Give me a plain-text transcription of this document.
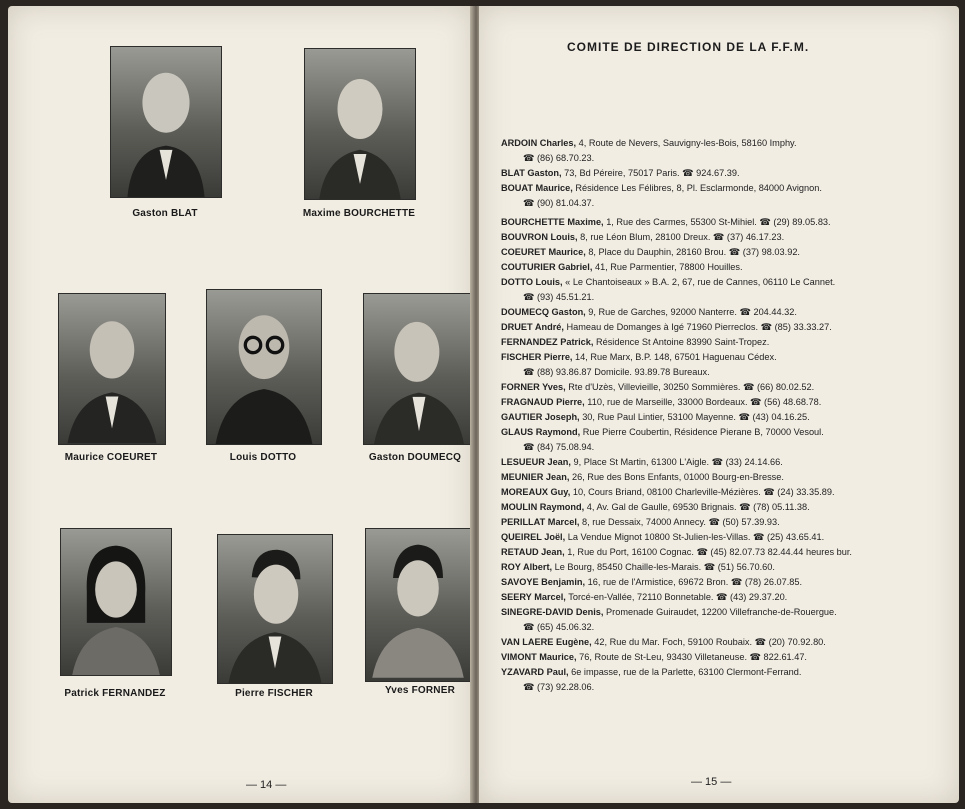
Gaston BLAT	Maxime BOURCHETTE
Maurice COEURET	Louis DOTTO	Gaston DOUMECQ
Patrick FERNANDEZ	Pierre FISCHER	Yves FORNER
— 14 —
COMITE DE DIRECTION DE LA F.F.M.
ARDOIN Charles, 4, Route de Nevers, Sauvigny-les-Bois, 58160 Imphy.
☎ (86) 68.70.23.
BLAT Gaston, 73, Bd Péreire, 75017 Paris. ☎ 924.67.39.
BOUAT Maurice, Résidence Les Félibres, 8, Pl. Esclarmonde, 84000 Avignon.
☎ (90) 81.04.37.
BOURCHETTE Maxime, 1, Rue des Carmes, 55300 St-Mihiel. ☎ (29) 89.05.83.
BOUVRON Louis, 8, rue Léon Blum, 28100 Dreux. ☎ (37) 46.17.23.
COEURET Maurice, 8, Place du Dauphin, 28160 Brou. ☎ (37) 98.03.92.
COUTURIER Gabriel, 41, Rue Parmentier, 78800 Houilles.
DOTTO Louis, « Le Chantoiseaux » B.A. 2, 67, rue de Cannes, 06110 Le Cannet.
☎ (93) 45.51.21.
DOUMECQ Gaston, 9, Rue de Garches, 92000 Nanterre. ☎ 204.44.32.
DRUET André, Hameau de Domanges à Igé 71960 Pierreclos. ☎ (85) 33.33.27.
FERNANDEZ Patrick, Résidence St Antoine 83990 Saint-Tropez.
FISCHER Pierre, 14, Rue Marx, B.P. 148, 67501 Haguenau Cédex.
☎ (88) 93.86.87 Domicile. 93.89.78 Bureaux.
FORNER Yves, Rte d'Uzès, Villevieille, 30250 Sommières. ☎ (66) 80.02.52.
FRAGNAUD Pierre, 110, rue de Marseille, 33000 Bordeaux. ☎ (56) 48.68.78.
GAUTIER Joseph, 30, Rue Paul Lintier, 53100 Mayenne. ☎ (43) 04.16.25.
GLAUS Raymond, Rue Pierre Coubertin, Résidence Pierane B, 70000 Vesoul.
☎ (84) 75.08.94.
LESUEUR Jean, 9, Place St Martin, 61300 L'Aigle. ☎ (33) 24.14.66.
MEUNIER Jean, 26, Rue des Bons Enfants, 01000 Bourg-en-Bresse.
MOREAUX Guy, 10, Cours Briand, 08100 Charleville-Mézières. ☎ (24) 33.35.89.
MOULIN Raymond, 4, Av. Gal de Gaulle, 69530 Brignais. ☎ (78) 05.11.38.
PERILLAT Marcel, 8, rue Dessaix, 74000 Annecy. ☎ (50) 57.39.93.
QUEIREL Joël, La Vendue Mignot 10800 St-Julien-les-Villas. ☎ (25) 43.65.41.
RETAUD Jean, 1, Rue du Port, 16100 Cognac. ☎ (45) 82.07.73 82.44.44 heures bur.
ROY Albert, Le Bourg, 85450 Chaille-les-Marais. ☎ (51) 56.70.60.
SAVOYE Benjamin, 16, rue de l'Armistice, 69672 Bron. ☎ (78) 26.07.85.
SEERY Marcel, Torcé-en-Vallée, 72110 Bonnetable. ☎ (43) 29.37.20.
SINEGRE-DAVID Denis, Promenade Guiraudet, 12200 Villefranche-de-Rouergue.
☎ (65) 45.06.32.
VAN LAERE Eugène, 42, Rue du Mar. Foch, 59100 Roubaix. ☎ (20) 70.92.80.
VIMONT Maurice, 76, Route de St-Leu, 93430 Villetaneuse. ☎ 822.61.47.
YZAVARD Paul, 6e impasse, rue de la Parlette, 63100 Clermont-Ferrand.
☎ (73) 92.28.06.
— 15 —
